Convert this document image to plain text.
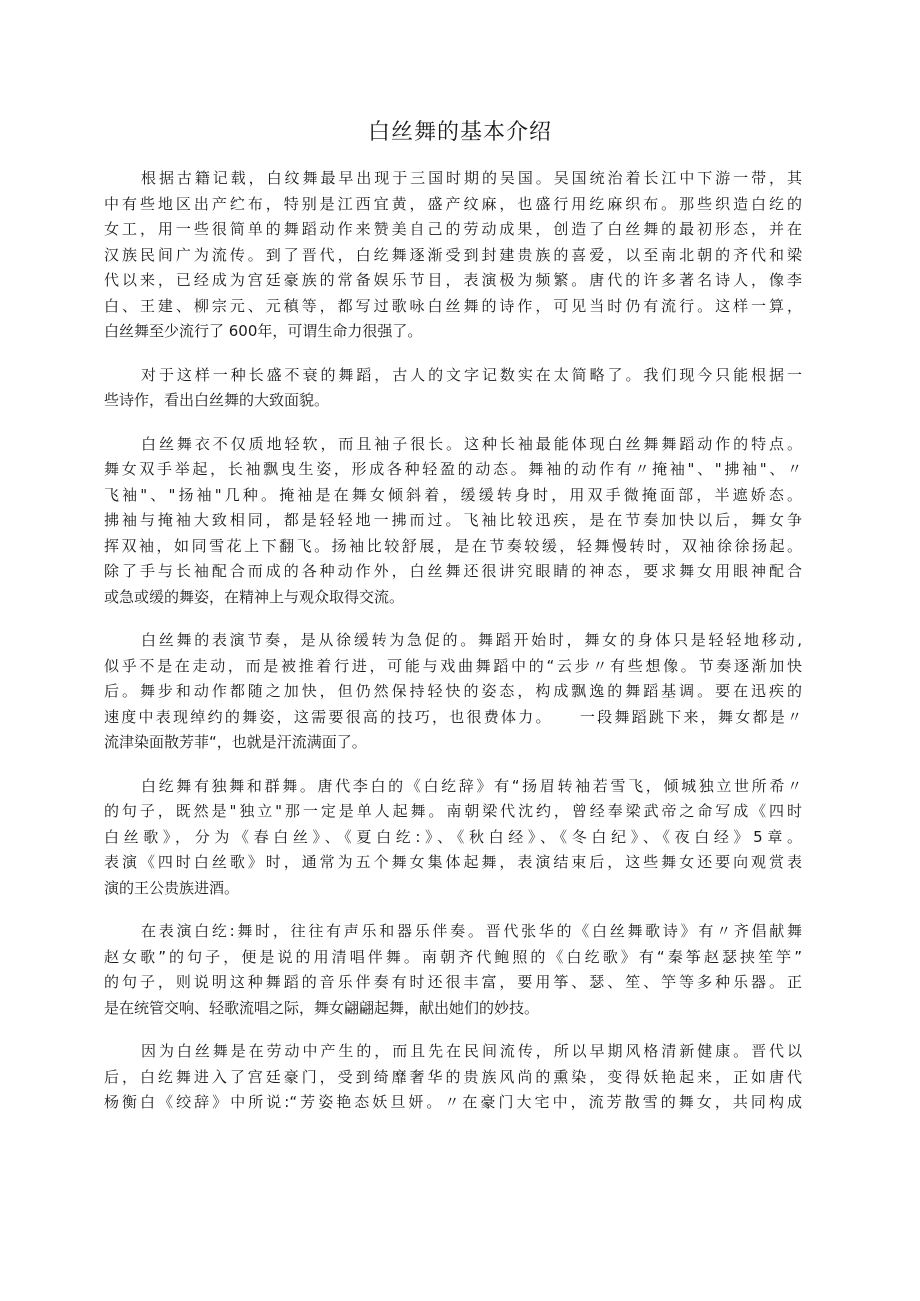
白丝舞的基本介绍
根据古籍记载，白纹舞最早出现于三国时期的吴国。吴国统治着长江中下游一带，其
中有些地区出产纻布，特别是江西宜黄，盛产纹麻，也盛行用纥麻织布。那些织造白纥的
女工，用一些很简单的舞蹈动作来赞美自己的劳动成果，创造了白丝舞的最初形态，并在
汉族民间广为流传。到了晋代，白纥舞逐渐受到封建贵族的喜爱，以至南北朝的齐代和梁
代以来，已经成为宫廷豪族的常备娱乐节目，表演极为频繁。唐代的许多著名诗人，像李
白、王建、柳宗元、元稹等，都写过歌咏白丝舞的诗作，可见当时仍有流行。这样一算，
白丝舞至少流行了 600年，可谓生命力很强了。
对于这样一种长盛不衰的舞蹈，古人的文字记数实在太简略了。我们现今只能根据一
些诗作，看出白丝舞的大致面貌。
白丝舞衣不仅质地轻软，而且袖子很长。这种长袖最能体现白丝舞舞蹈动作的特点。
舞女双手举起，长袖飘曳生姿，形成各种轻盈的动态。舞袖的动作有〃掩袖"、"拂袖"、〃
飞袖"、"扬袖"几种。掩袖是在舞女倾斜着，缓缓转身时，用双手微掩面部，半遮娇态。
拂袖与掩袖大致相同，都是轻轻地一拂而过。飞袖比较迅疾，是在节奏加快以后，舞女争
挥双袖，如同雪花上下翻飞。扬袖比较舒展，是在节奏较缓，轻舞慢转时，双袖徐徐扬起。
除了手与长袖配合而成的各种动作外，白丝舞还很讲究眼睛的神态，要求舞女用眼神配合
或急或缓的舞姿，在精神上与观众取得交流。
白丝舞的表演节奏，是从徐缓转为急促的。舞蹈开始时，舞女的身体只是轻轻地移动,
似乎不是在走动，而是被推着行进，可能与戏曲舞蹈中的“云步〃有些想像。节奏逐渐加快
后。舞步和动作都随之加快，但仍然保持轻快的姿态，构成飘逸的舞蹈基调。要在迅疾的
速度中表现绰约的舞姿，这需要很高的技巧，也很费体力。　　一段舞蹈跳下来，舞女都是〃
流津染面散芳菲“，也就是汗流满面了。
白纥舞有独舞和群舞。唐代李白的《白纥辞》有“扬眉转袖若雪飞，倾城独立世所希〃
的句子，既然是"独立"那一定是单人起舞。南朝梁代沈约，曾经奉梁武帝之命写成《四时
白丝歌》，分为《春白丝》、《夏白纥:》、《秋白经》、《冬白纪》、《夜白经》5章。
表演《四时白丝歌》时，通常为五个舞女集体起舞，表演结束后，这些舞女还要向观赏表
演的王公贵族进酒。
在表演白纥:舞时，往往有声乐和器乐伴奏。晋代张华的《白丝舞歌诗》有〃齐倡献舞
赵女歌”的句子，便是说的用清唱伴舞。南朝齐代鲍照的《白纥歌》有“秦筝赵瑟挟笙竽”
的句子，则说明这种舞蹈的音乐伴奏有时还很丰富，要用筝、瑟、笙、竽等多种乐器。正
是在统管交响、轻歌流唱之际，舞女翩翩起舞，献出她们的妙技。
因为白丝舞是在劳动中产生的，而且先在民间流传，所以早期风格清新健康。晋代以
后，白纥舞进入了宫廷豪门，受到绮靡奢华的贵族风尚的熏染，变得妖艳起来，正如唐代
杨衡白《绞辞》中所说:“芳姿艳态妖旦妍。〃在豪门大宅中，流芳散雪的舞女，共同构成
